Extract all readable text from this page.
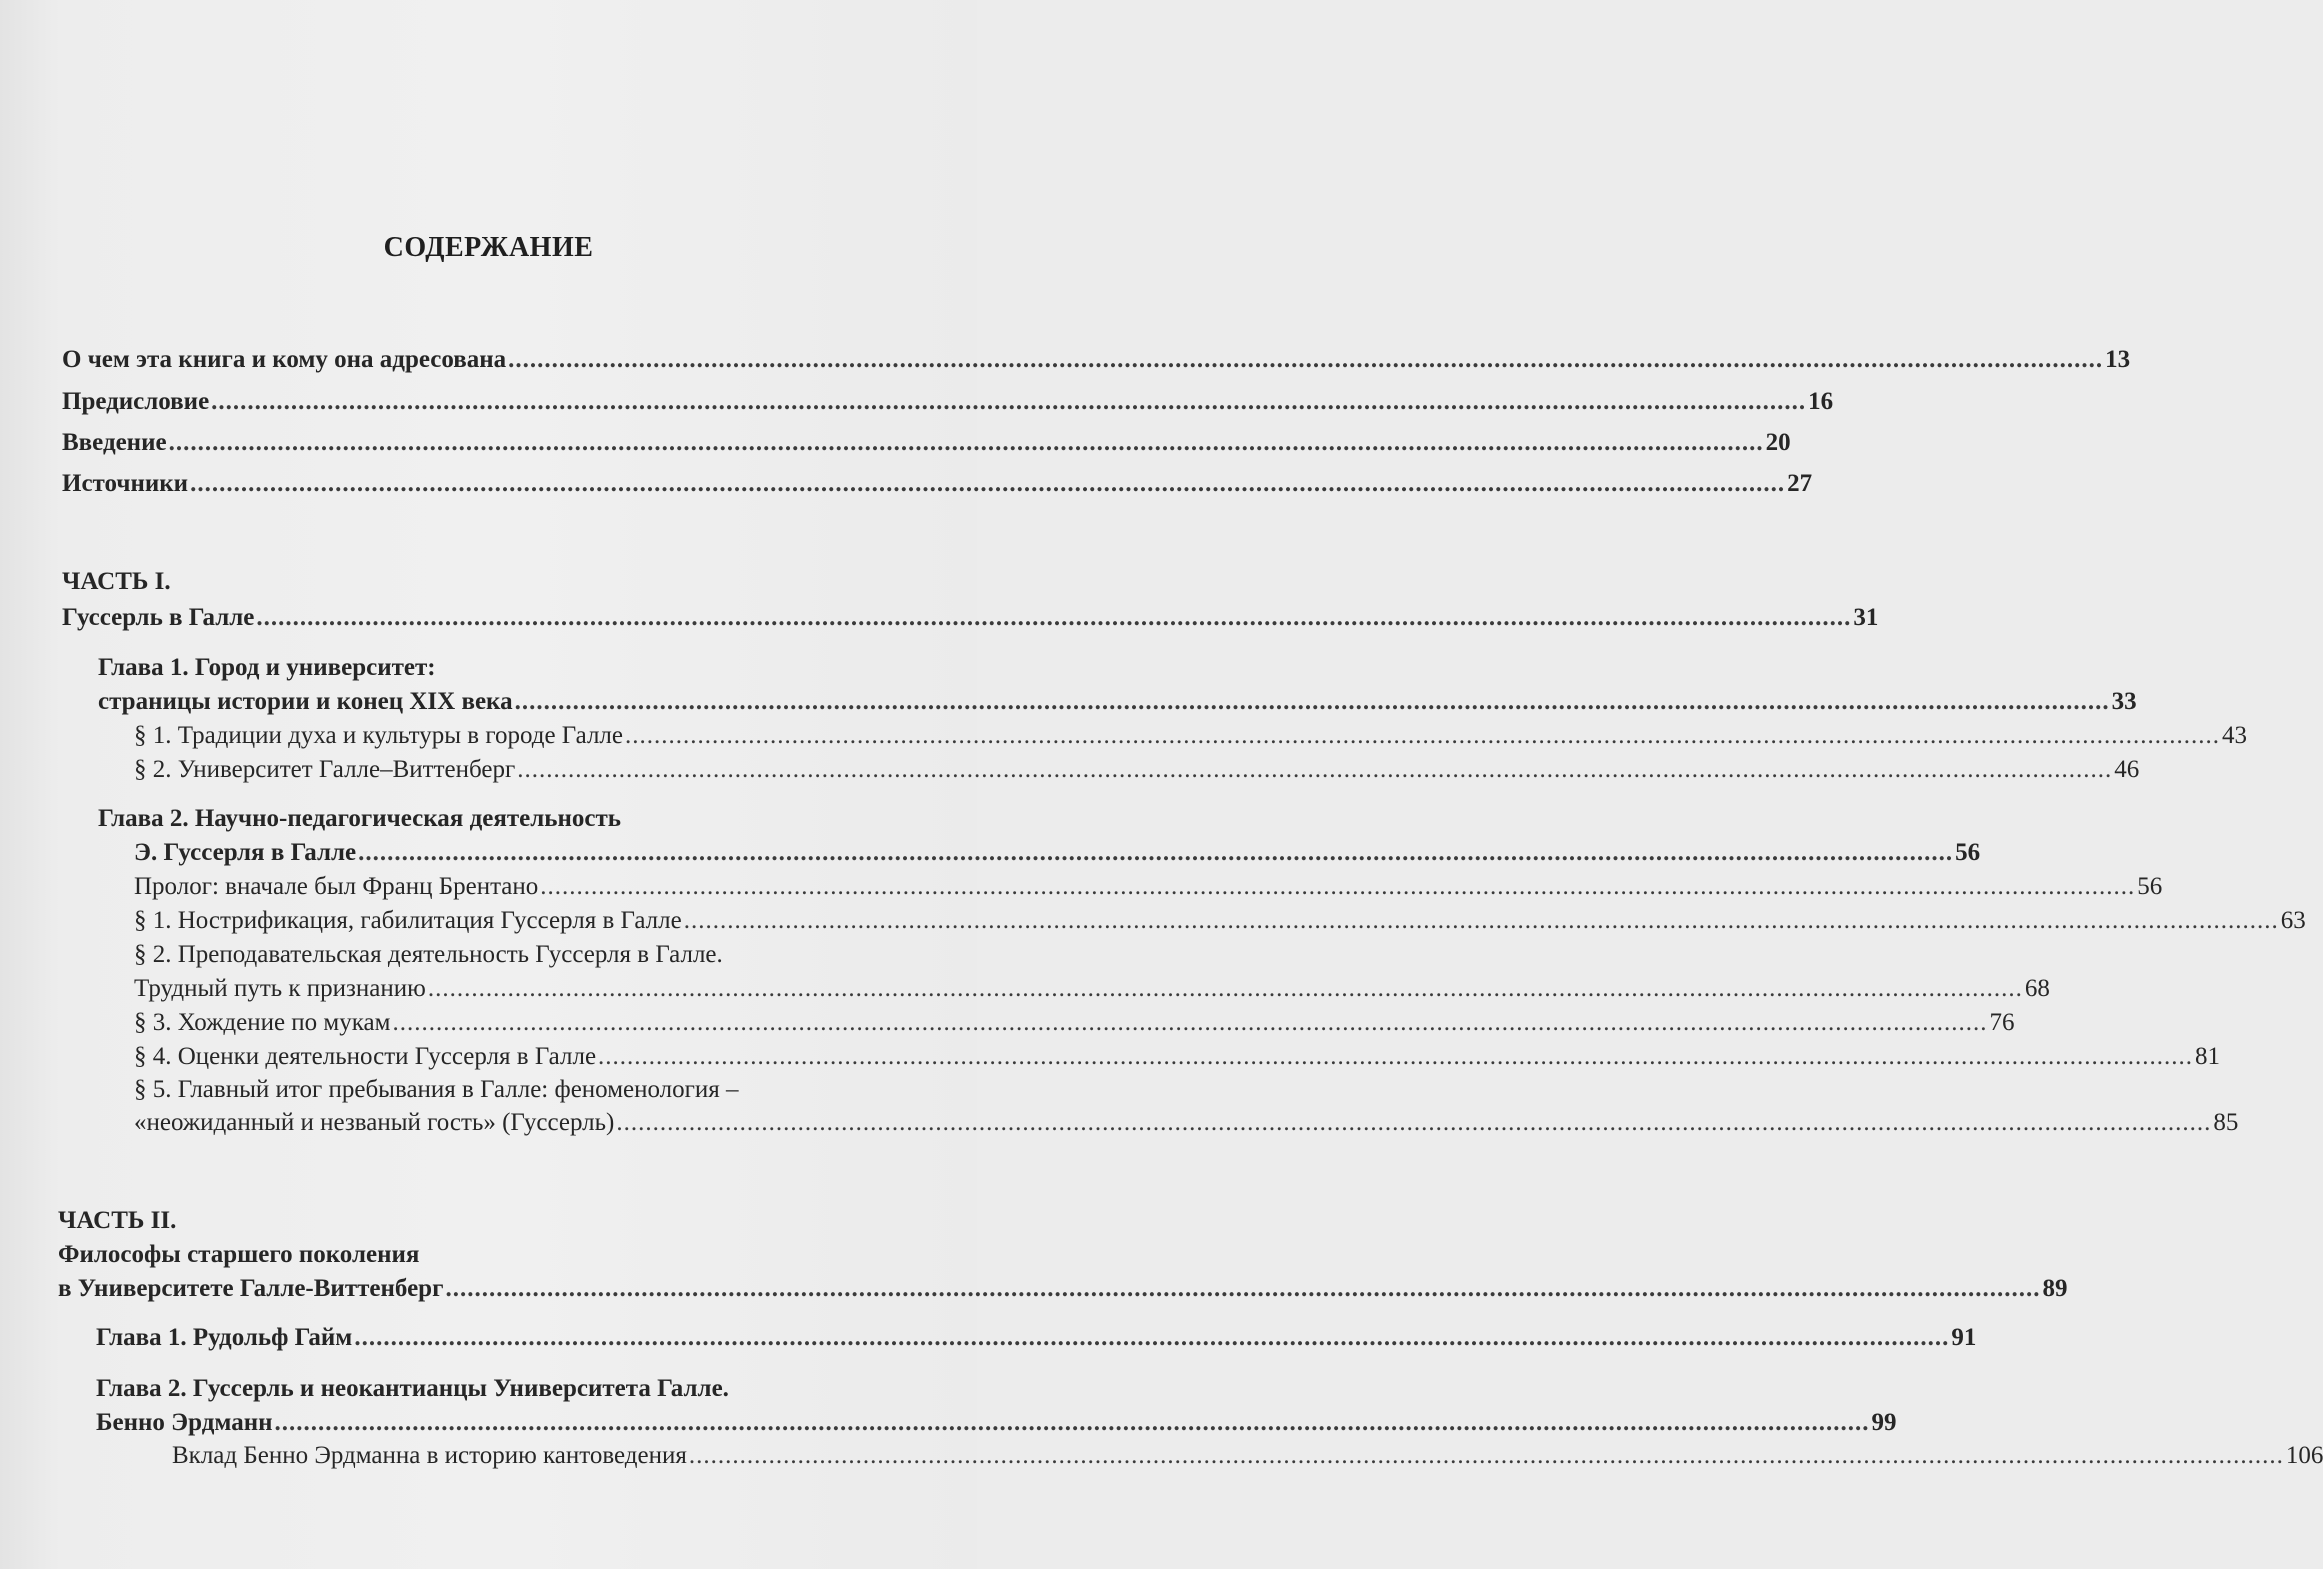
СОДЕРЖАНИЕ
О чем эта книга и кому она адресована ............................................................................................................................................................................................................................ 13
Предисловие ............................................................................................................................................................................................................................ 16
Введение ............................................................................................................................................................................................................................ 20
Источники ............................................................................................................................................................................................................................ 27
ЧАСТЬ I.
Гуссерль в Галле ............................................................................................................................................................................................................................ 31
Глава 1. Город и университет:
страницы истории и конец XIX века ............................................................................................................................................................................................................................ 33
§ 1. Традиции духа и культуры в городе Галле ............................................................................................................................................................................................................................ 43
§ 2. Университет Галле–Виттенберг ............................................................................................................................................................................................................................ 46
Глава 2. Научно-педагогическая деятельность
Э. Гуссерля в Галле ............................................................................................................................................................................................................................ 56
Пролог: вначале был Франц Брентано ............................................................................................................................................................................................................................ 56
§ 1. Нострификация, габилитация Гуссерля в Галле ............................................................................................................................................................................................................................ 63
§ 2. Преподавательская деятельность Гуссерля в Галле.
Трудный путь к признанию ............................................................................................................................................................................................................................ 68
§ 3. Хождение по мукам ............................................................................................................................................................................................................................ 76
§ 4. Оценки деятельности Гуссерля в Галле ............................................................................................................................................................................................................................ 81
§ 5. Главный итог пребывания в Галле: феноменология –
«неожиданный и незваный гость» (Гуссерль) ............................................................................................................................................................................................................................ 85
ЧАСТЬ II.
Философы старшего поколения
в Университете Галле-Виттенберг ............................................................................................................................................................................................................................ 89
Глава 1. Рудольф Гайм ............................................................................................................................................................................................................................ 91
Глава 2. Гуссерль и неокантианцы Университета Галле.
Бенно Эрдманн ............................................................................................................................................................................................................................ 99
Вклад Бенно Эрдманна в историю кантоведения ............................................................................................................................................................................................................................ 106
